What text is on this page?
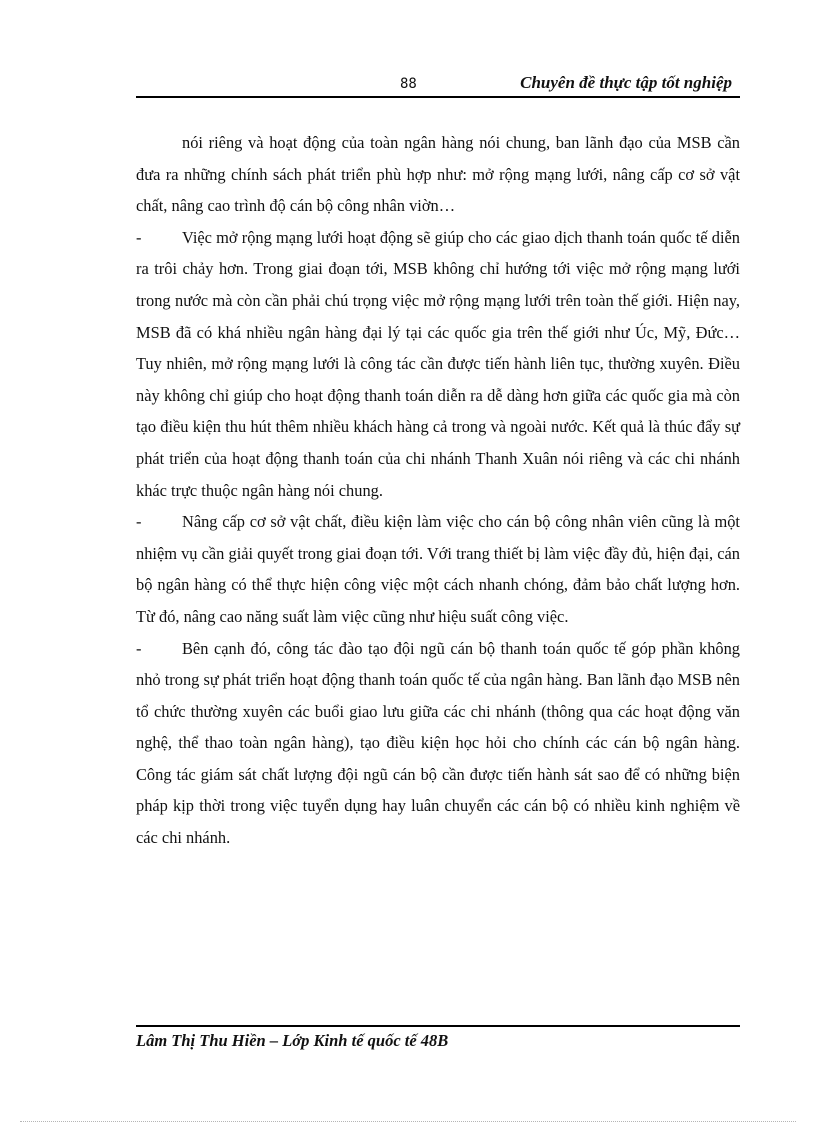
88	Chuyên đề thực tập tốt nghiệp

nói riêng và hoạt động của toàn ngân hàng nói chung, ban lãnh đạo của MSB cần đưa ra những chính sách phát triển phù hợp như: mở rộng mạng lưới, nâng cấp cơ sở vật chất, nâng cao trình độ cán bộ công nhân viờn…

- Việc mở rộng mạng lưới hoạt động sẽ giúp cho các giao dịch thanh toán quốc tế diễn ra trôi chảy hơn. Trong giai đoạn tới, MSB không chỉ hướng tới việc mở rộng mạng lưới trong nước mà còn cần phải chú trọng việc mở rộng mạng lưới trên toàn thế giới. Hiện nay, MSB đã có khá nhiều ngân hàng đại lý tại các quốc gia trên thế giới như Úc, Mỹ, Đức…Tuy nhiên, mở rộng mạng lưới là công tác cần được tiến hành liên tục, thường xuyên. Điều này không chỉ giúp cho hoạt động thanh toán diễn ra dễ dàng hơn giữa các quốc gia mà còn tạo điều kiện thu hút thêm nhiều khách hàng cả trong và ngoài nước. Kết quả là thúc đẩy sự phát triển của hoạt động thanh toán của chi nhánh Thanh Xuân nói riêng và các chi nhánh khác trực thuộc ngân hàng nói chung.

- Nâng cấp cơ sở vật chất, điều kiện làm việc cho cán bộ công nhân viên cũng là một nhiệm vụ cần giải quyết trong giai đoạn tới. Với trang thiết bị làm việc đầy đủ, hiện đại, cán bộ ngân hàng có thể thực hiện công việc một cách nhanh chóng, đảm bảo chất lượng hơn. Từ đó, nâng cao năng suất làm việc cũng như hiệu suất công việc.

- Bên cạnh đó, công tác đào tạo đội ngũ cán bộ thanh toán quốc tế góp phần không nhỏ trong sự phát triển hoạt động thanh toán quốc tế của ngân hàng. Ban lãnh đạo MSB nên tổ chức thường xuyên các buổi giao lưu giữa các chi nhánh (thông qua các hoạt động văn nghệ, thể thao toàn ngân hàng), tạo điều kiện học hỏi cho chính các cán bộ ngân hàng. Công tác giám sát chất lượng đội ngũ cán bộ cần được tiến hành sát sao để có những biện pháp kịp thời trong việc tuyển dụng hay luân chuyển các cán bộ có nhiều kinh nghiệm về các chi nhánh.

Lâm Thị Thu Hiền – Lớp Kinh tế quốc tế 48B
